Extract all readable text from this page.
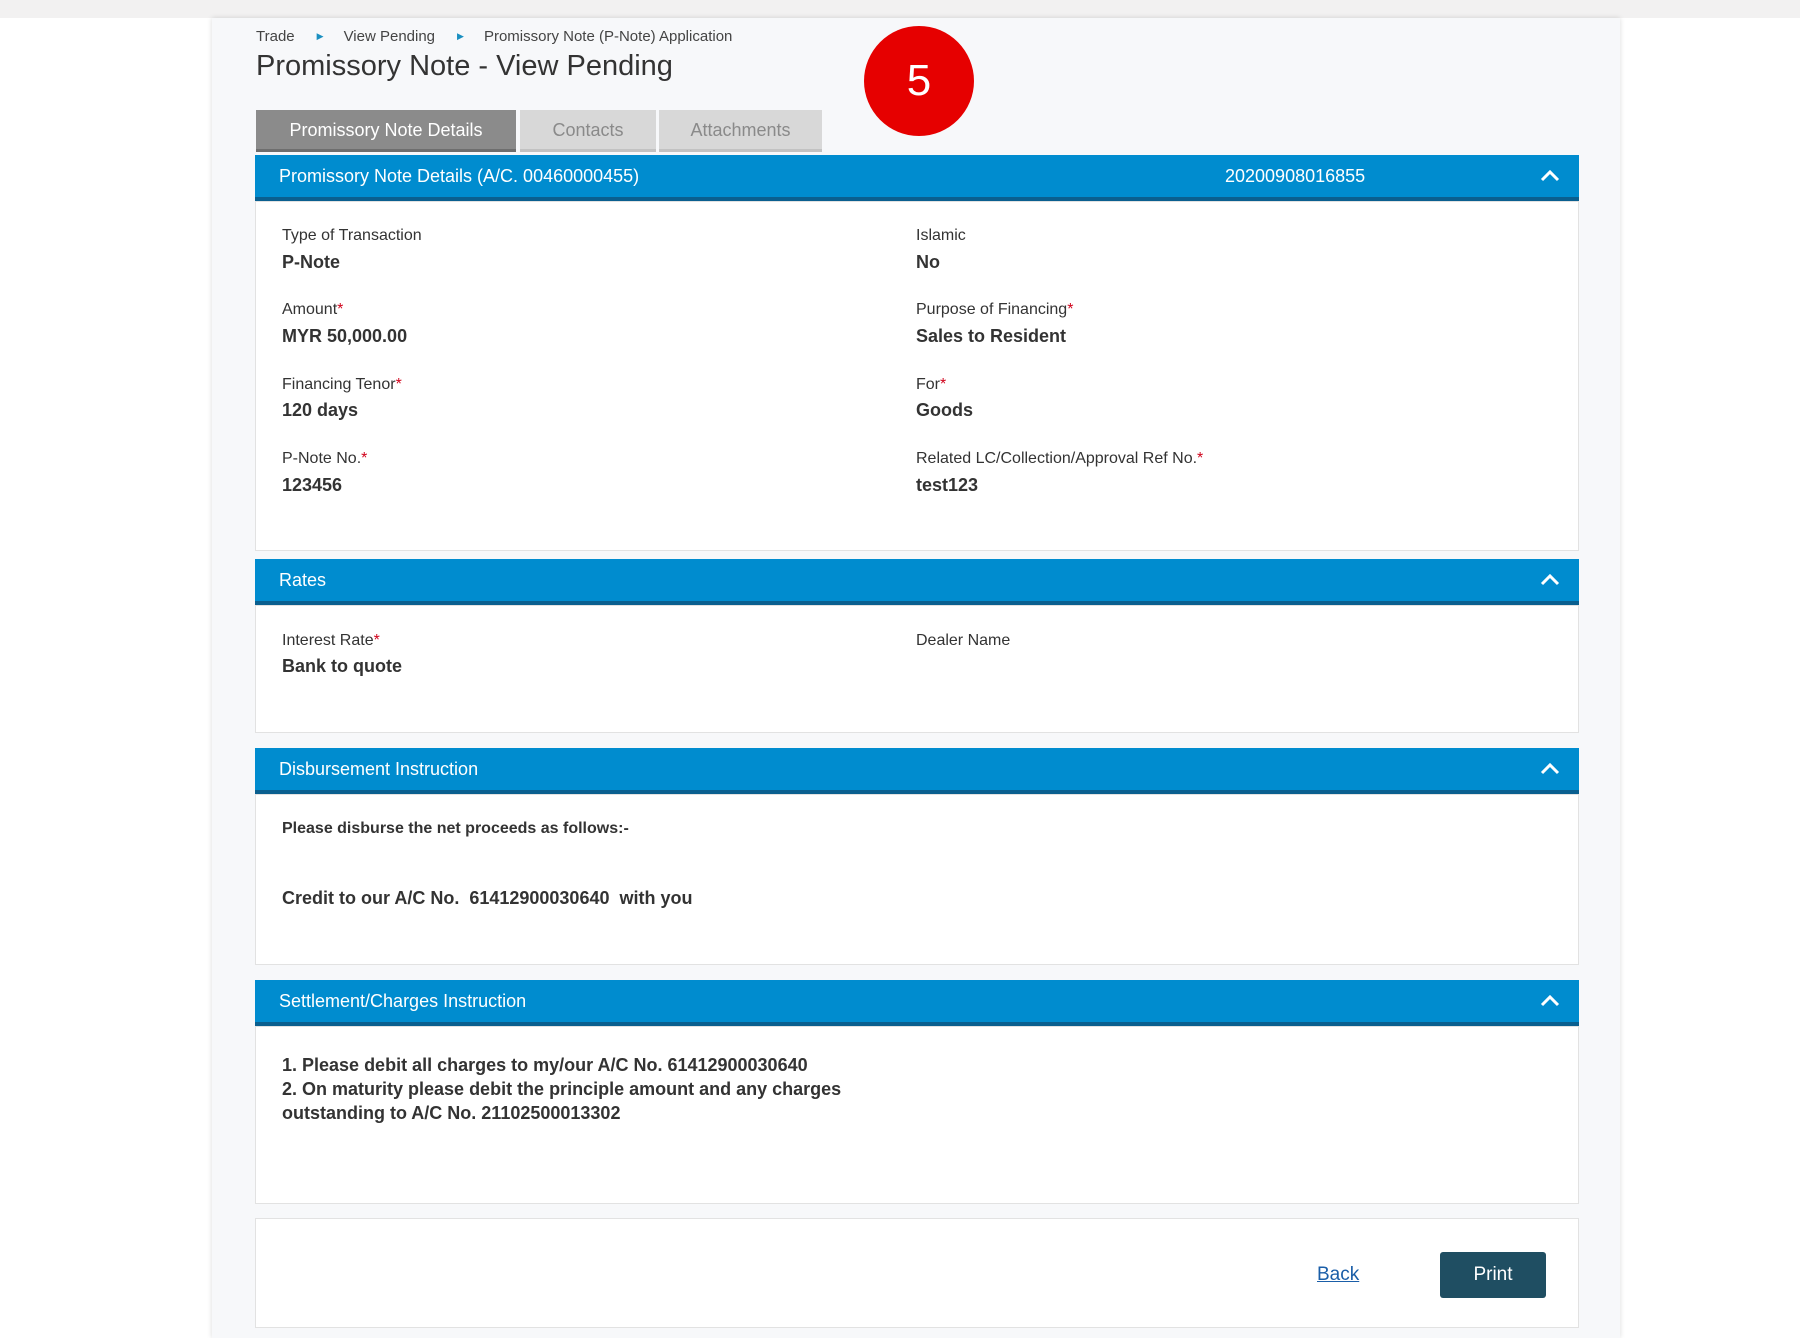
Trade ▶ View Pending ▶ Promissory Note (P-Note) Application
Promissory Note - View Pending	5
Promissory Note Details	Contacts	Attachments
Promissory Note Details (A/C. 00460000455)	20200908016855
Type of Transaction
P-Note
Islamic
No
Amount*
MYR 50,000.00
Purpose of Financing*
Sales to Resident
Financing Tenor*
120 days
For*
Goods
P-Note No.*
123456
Related LC/Collection/Approval Ref No.*
test123
Rates
Interest Rate*
Bank to quote
Dealer Name
Disbursement Instruction
Please disburse the net proceeds as follows:-
Credit to our A/C No.  61412900030640  with you
Settlement/Charges Instruction
1. Please debit all charges to my/our A/C No. 61412900030640
2. On maturity please debit the principle amount and any charges
outstanding to A/C No. 21102500013302
Back	Print
